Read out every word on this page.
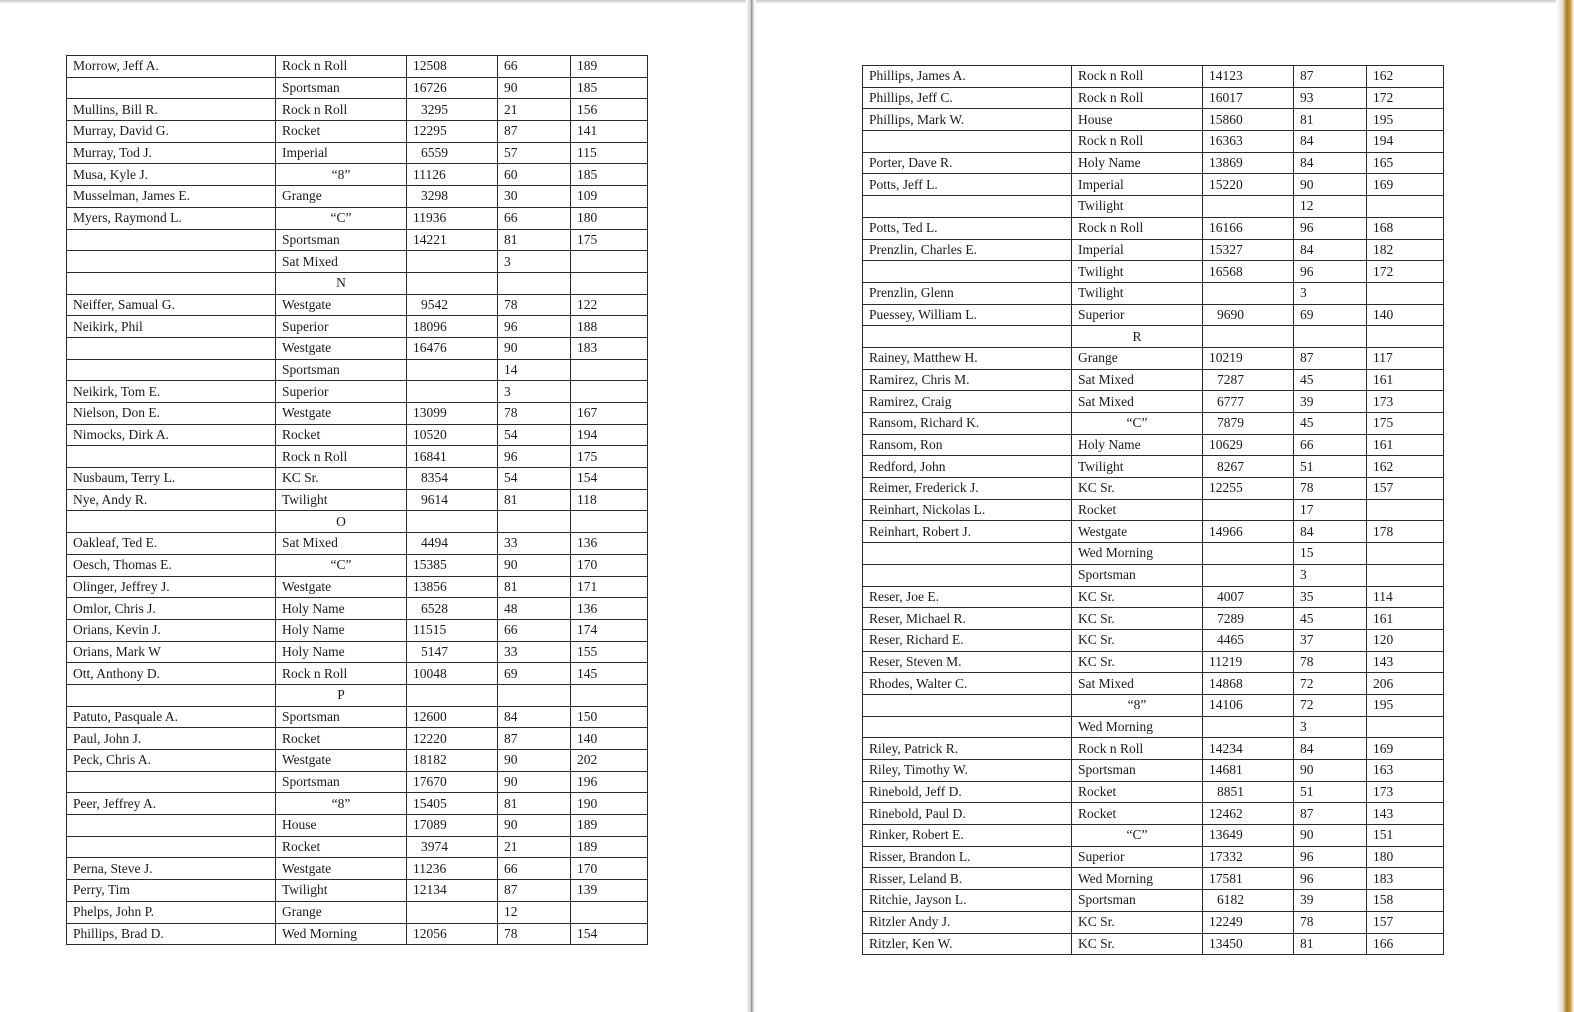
Morrow, Jeff A.	Rock n Roll	12508	66	189
	Sportsman	16726	90	185
Mullins, Bill R.	Rock n Roll	3295	21	156
Murray, David G.	Rocket	12295	87	141
Murray, Tod J.	Imperial	6559	57	115
Musa, Kyle J.	“8”	11126	60	185
Musselman, James E.	Grange	3298	30	109
Myers, Raymond L.	“C”	11936	66	180
	Sportsman	14221	81	175
	Sat Mixed		3	
	N			
Neiffer, Samual G.	Westgate	9542	78	122
Neikirk, Phil	Superior	18096	96	188
	Westgate	16476	90	183
	Sportsman		14	
Neikirk, Tom E.	Superior		3	
Nielson, Don E.	Westgate	13099	78	167
Nimocks, Dirk A.	Rocket	10520	54	194
	Rock n Roll	16841	96	175
Nusbaum, Terry L.	KC Sr.	8354	54	154
Nye, Andy R.	Twilight	9614	81	118
	O			
Oakleaf, Ted E.	Sat Mixed	4494	33	136
Oesch, Thomas E.	“C”	15385	90	170
Olinger, Jeffrey J.	Westgate	13856	81	171
Omlor, Chris J.	Holy Name	6528	48	136
Orians, Kevin J.	Holy Name	11515	66	174
Orians, Mark W	Holy Name	5147	33	155
Ott, Anthony D.	Rock n Roll	10048	69	145
	P			
Patuto, Pasquale A.	Sportsman	12600	84	150
Paul, John J.	Rocket	12220	87	140
Peck, Chris A.	Westgate	18182	90	202
	Sportsman	17670	90	196
Peer, Jeffrey A.	“8”	15405	81	190
	House	17089	90	189
	Rocket	3974	21	189
Perna, Steve J.	Westgate	11236	66	170
Perry, Tim	Twilight	12134	87	139
Phelps, John P.	Grange		12	
Phillips, Brad D.	Wed Morning	12056	78	154
Phillips, James A.	Rock n Roll	14123	87	162
Phillips, Jeff C.	Rock n Roll	16017	93	172
Phillips, Mark W.	House	15860	81	195
	Rock n Roll	16363	84	194
Porter, Dave R.	Holy Name	13869	84	165
Potts, Jeff L.	Imperial	15220	90	169
	Twilight		12	
Potts, Ted L.	Rock n Roll	16166	96	168
Prenzlin, Charles E.	Imperial	15327	84	182
	Twilight	16568	96	172
Prenzlin, Glenn	Twilight		3	
Puessey, William L.	Superior	9690	69	140
	R			
Rainey, Matthew H.	Grange	10219	87	117
Ramirez, Chris M.	Sat Mixed	7287	45	161
Ramirez, Craig	Sat Mixed	6777	39	173
Ransom, Richard K.	“C”	7879	45	175
Ransom, Ron	Holy Name	10629	66	161
Redford, John	Twilight	8267	51	162
Reimer, Frederick J.	KC Sr.	12255	78	157
Reinhart, Nickolas L.	Rocket		17	
Reinhart, Robert J.	Westgate	14966	84	178
	Wed Morning		15	
	Sportsman		3	
Reser, Joe E.	KC Sr.	4007	35	114
Reser, Michael R.	KC Sr.	7289	45	161
Reser, Richard E.	KC Sr.	4465	37	120
Reser, Steven M.	KC Sr.	11219	78	143
Rhodes, Walter C.	Sat Mixed	14868	72	206
	“8”	14106	72	195
	Wed Morning		3	
Riley, Patrick R.	Rock n Roll	14234	84	169
Riley, Timothy W.	Sportsman	14681	90	163
Rinebold, Jeff D.	Rocket	8851	51	173
Rinebold, Paul D.	Rocket	12462	87	143
Rinker, Robert E.	“C”	13649	90	151
Risser, Brandon L.	Superior	17332	96	180
Risser, Leland B.	Wed Morning	17581	96	183
Ritchie, Jayson L.	Sportsman	6182	39	158
Ritzler Andy J.	KC Sr.	12249	78	157
Ritzler, Ken W.	KC Sr.	13450	81	166
